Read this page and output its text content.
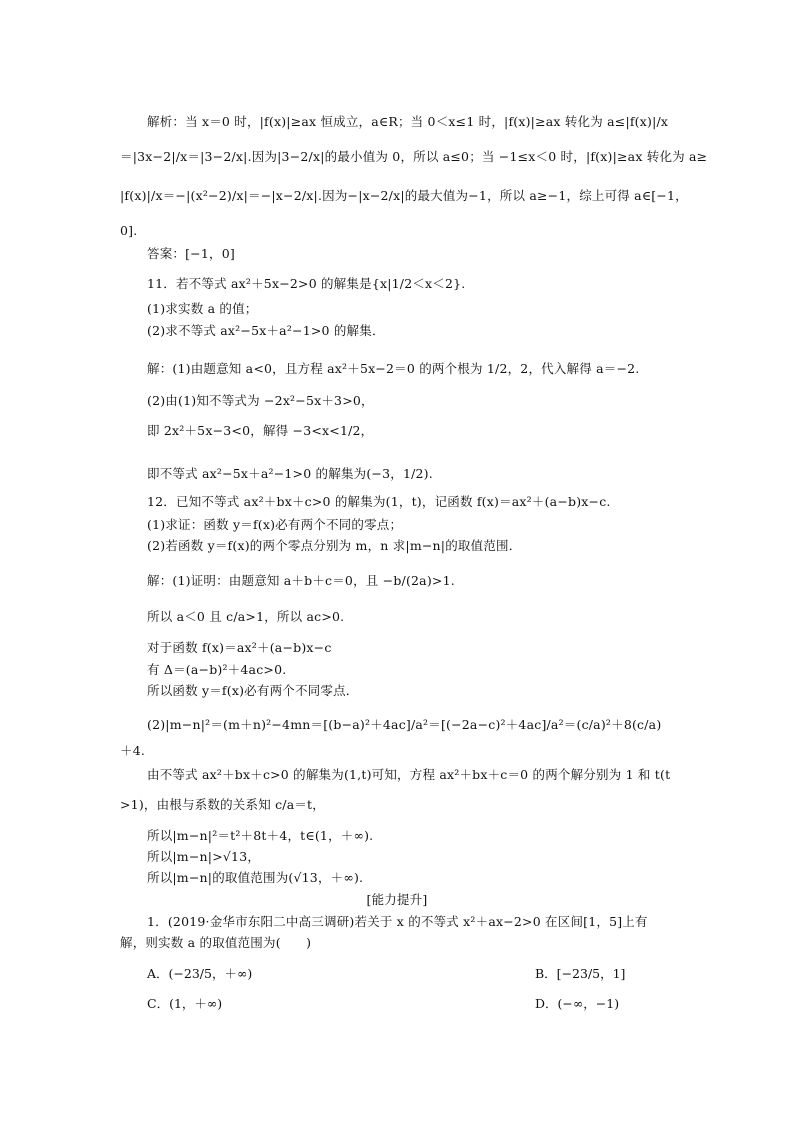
解析：当 x＝0 时，|f(x)|≥ax 恒成立，a∈R；当 0＜x≤1 时，|f(x)|≥ax 转化为 a≤|f(x)|/x
＝|3x−2|/x＝|3−2/x|.因为|3−2/x|的最小值为 0，所以 a≤0；当 −1≤x＜0 时，|f(x)|≥ax 转化为 a≥
|f(x)|/x＝−|(x²−2)/x|＝−|x−2/x|.因为−|x−2/x|的最大值为−1，所以 a≥−1，综上可得 a∈[−1，
0].
答案：[−1，0]
11．若不等式 ax²＋5x−2>0 的解集是{x|1/2＜x＜2}.
(1)求实数 a 的值；
(2)求不等式 ax²−5x＋a²−1>0 的解集．
解：(1)由题意知 a<0，且方程 ax²＋5x−2＝0 的两个根为 1/2，2，代入解得 a＝−2.
(2)由(1)知不等式为 −2x²−5x＋3>0，
即 2x²＋5x−3<0，解得 −3<x<1/2，
即不等式 ax²−5x＋a²−1>0 的解集为(−3，1/2).
12．已知不等式 ax²＋bx＋c>0 的解集为(1，t)，记函数 f(x)＝ax²＋(a−b)x−c.
(1)求证：函数 y＝f(x)必有两个不同的零点；
(2)若函数 y＝f(x)的两个零点分别为 m，n 求|m−n|的取值范围．
解：(1)证明：由题意知 a＋b＋c＝0，且 −b/(2a)>1.
所以 a＜0 且 c/a>1，所以 ac>0.
对于函数 f(x)＝ax²＋(a−b)x−c
有 Δ＝(a−b)²＋4ac>0.
所以函数 y＝f(x)必有两个不同零点．
(2)|m−n|²＝(m＋n)²−4mn＝[(b−a)²＋4ac]/a²＝[(−2a−c)²＋4ac]/a²＝(c/a)²＋8(c/a)
＋4.
由不等式 ax²＋bx＋c>0 的解集为(1,t)可知，方程 ax²＋bx＋c＝0 的两个解分别为 1 和 t(t
>1)，由根与系数的关系知 c/a＝t，
所以|m−n|²＝t²＋8t＋4，t∈(1，＋∞).
所以|m−n|>√13，
所以|m−n|的取值范围为(√13，＋∞).
[能力提升]
1．(2019·金华市东阳二中高三调研)若关于 x 的不等式 x²＋ax−2>0 在区间[1，5]上有
解，则实数 a 的取值范围为(　　)
A．(−23/5，＋∞)	B．[−23/5，1]
C．(1，＋∞)	D．(−∞，−1)
